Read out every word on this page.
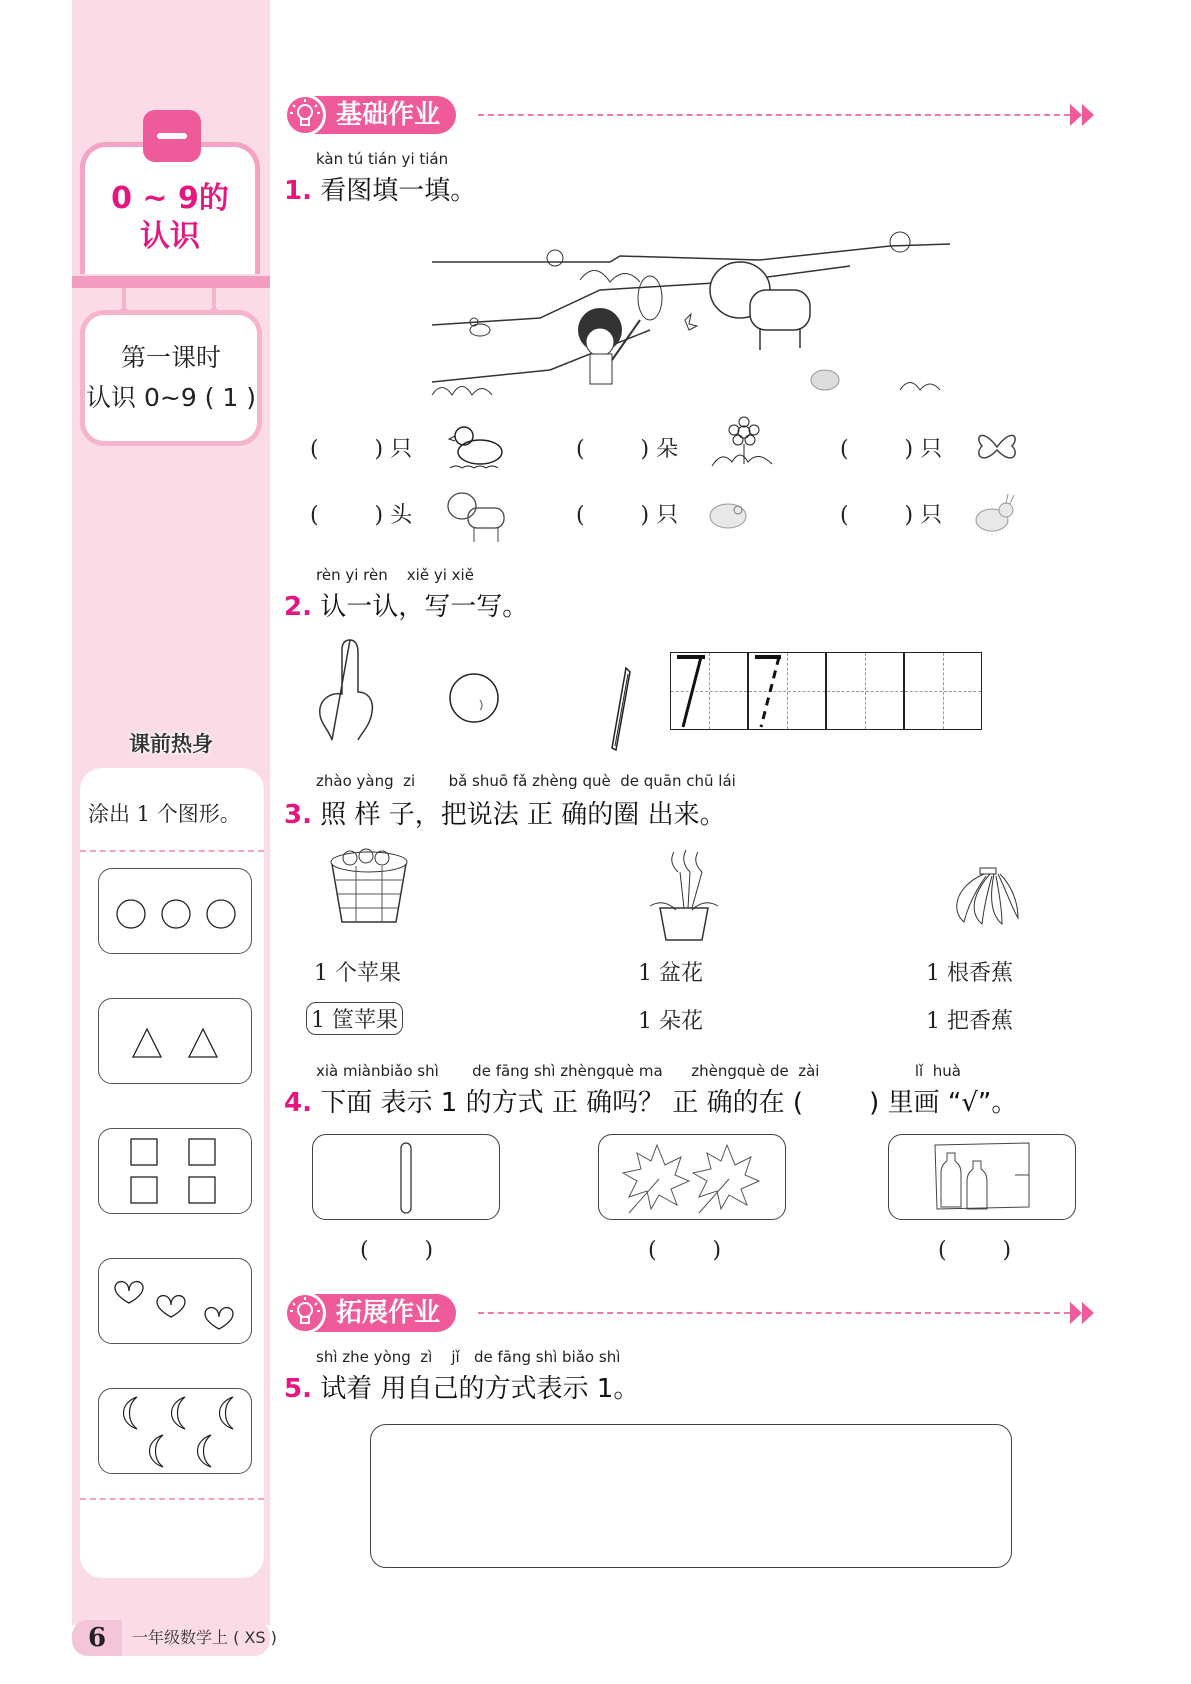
0 ~ 9的
认识
第一课时
认识 0~9 ( 1 )
课前热身
涂出 1 个图形。
6	一年级数学上 ( XS )
基础作业
kàn tú tián yi tián
1. 看图填一填。
(        ) 只	(        ) 朵	(        ) 只
(        ) 头	(        ) 只	(        ) 只
rèn yi rèn    xiě yi xiě
2. 认一认，写一写。
zhào yàng  zi       bǎ shuō fǎ zhèng què  de quān chū lái
3. 照 样 子，把说法 正 确的圈 出来。
1 个苹果
1 筐苹果
1 盆花
1 朵花
1 根香蕉
1 把香蕉
xià miànbiǎo shì       de fāng shì zhèngquè ma      zhèngquè de  zài                    lǐ  huà
4. 下面 表示 1 的方式 正 确吗？ 正 确的在 (        ) 里画 “√”。
(        )	(        )	(        )
拓展作业
shì zhe yòng  zì    jǐ   de fāng shì biǎo shì
5. 试着 用自己的方式表示 1。
